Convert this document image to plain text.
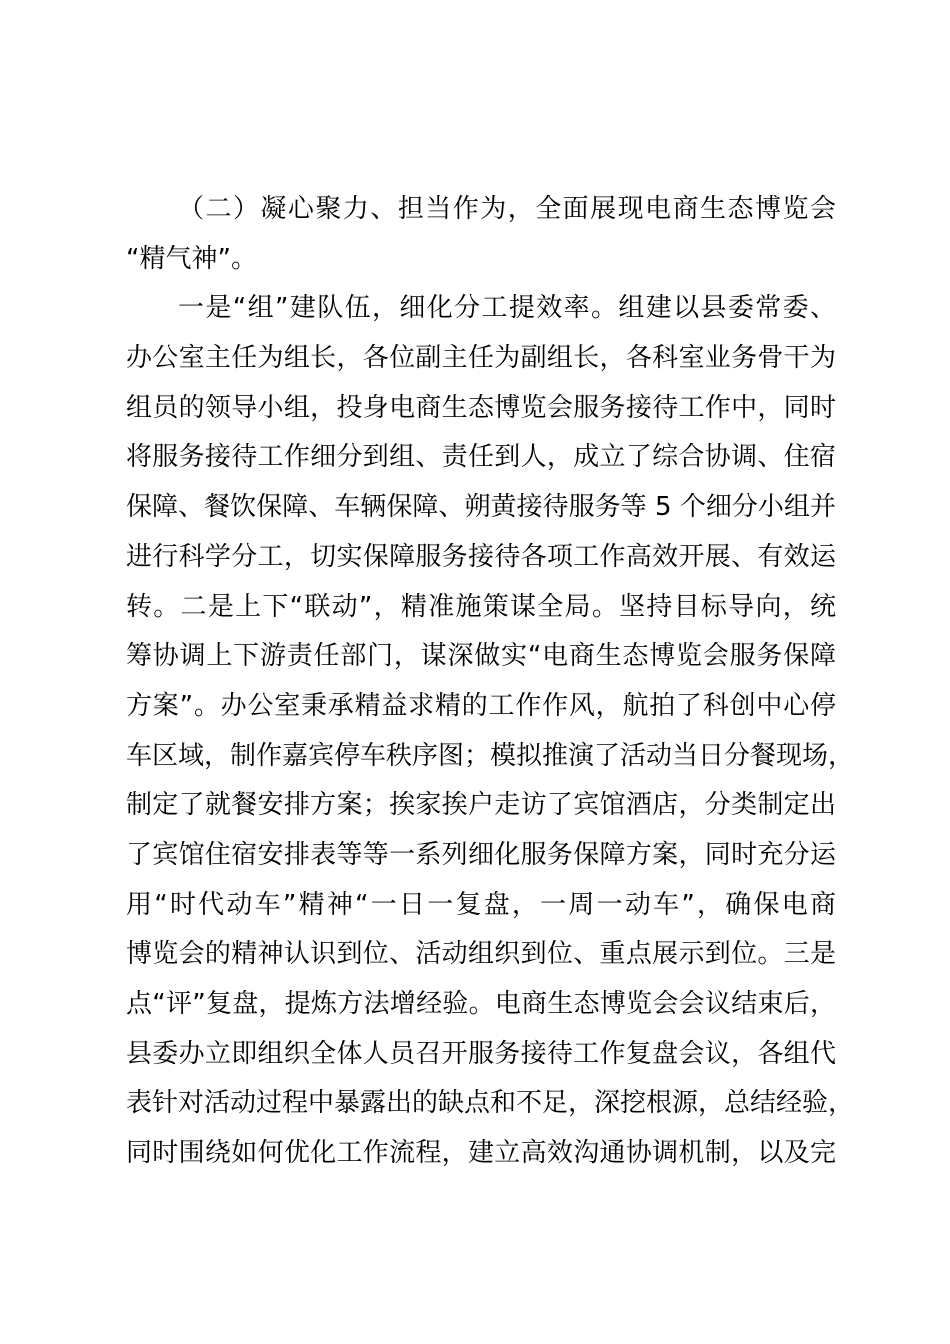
（二）凝心聚力、担当作为，全面展现电商生态博览会
“精气神”。
一是“组”建队伍，细化分工提效率。组建以县委常委、
办公室主任为组长，各位副主任为副组长，各科室业务骨干为
组员的领导小组，投身电商生态博览会服务接待工作中，同时
将服务接待工作细分到组、责任到人，成立了综合协调、住宿
保障、餐饮保障、车辆保障、朔黄接待服务等 5 个细分小组并
进行科学分工，切实保障服务接待各项工作高效开展、有效运
转。二是上下“联动”，精准施策谋全局。坚持目标导向，统
筹协调上下游责任部门，谋深做实“电商生态博览会服务保障
方案”。办公室秉承精益求精的工作作风，航拍了科创中心停
车区域，制作嘉宾停车秩序图；模拟推演了活动当日分餐现场，
制定了就餐安排方案；挨家挨户走访了宾馆酒店，分类制定出
了宾馆住宿安排表等等一系列细化服务保障方案，同时充分运
用“时代动车”精神“一日一复盘，一周一动车”，确保电商
博览会的精神认识到位、活动组织到位、重点展示到位。三是
点“评”复盘，提炼方法增经验。电商生态博览会会议结束后，
县委办立即组织全体人员召开服务接待工作复盘会议，各组代
表针对活动过程中暴露出的缺点和不足，深挖根源，总结经验，
同时围绕如何优化工作流程，建立高效沟通协调机制，以及完
